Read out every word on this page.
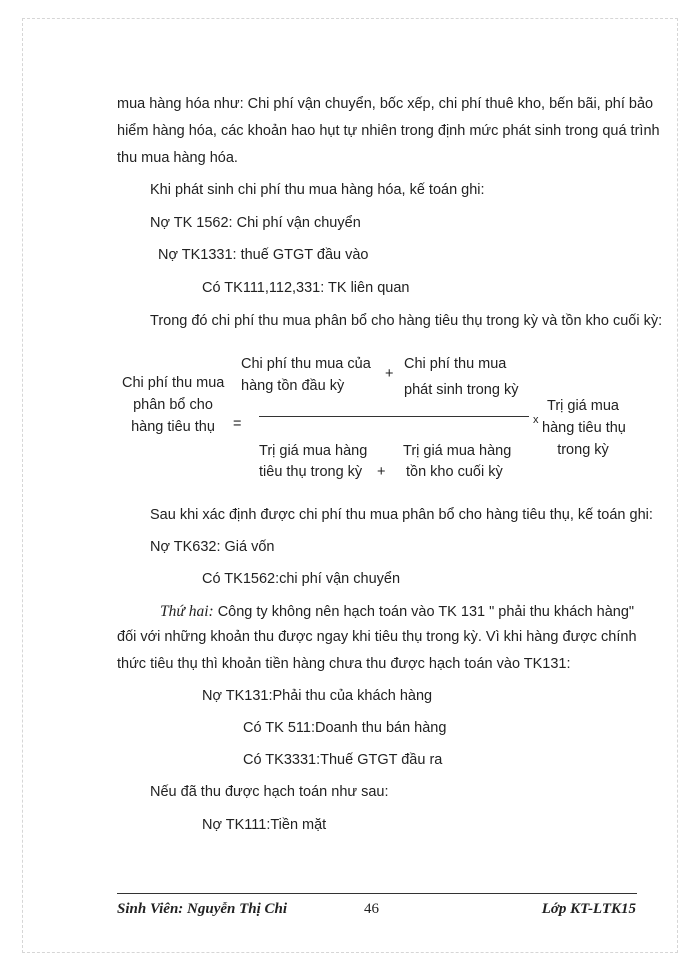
mua hàng hóa như: Chi phí vận chuyển, bốc xếp, chi phí thuê kho, bến bãi, phí bảo
hiểm hàng hóa, các khoản hao hụt tự nhiên trong định mức phát sinh trong quá trình
thu mua hàng hóa.
Khi phát sinh chi phí thu mua hàng hóa, kế toán ghi:
Nợ TK 1562: Chi phí vận chuyển
Nợ TK1331: thuế GTGT đầu vào
Có TK111,112,331: TK liên quan
Trong đó chi phí thu mua phân bổ cho hàng tiêu thụ trong kỳ và tồn kho cuối kỳ:
Chi phí thu mua
phân bổ cho
hàng tiêu thụ	=
Chi phí thu mua của
hàng tồn đầu kỳ
+
Chi phí thu mua
phát sinh trong kỳ
Trị giá mua hàng
tiêu thụ trong kỳ +
Trị giá mua hàng
tồn kho cuối kỳ
x
Trị giá mua
hàng tiêu thụ
trong kỳ
Sau khi xác định được chi phí thu mua phân bổ cho hàng tiêu thụ, kế toán ghi:
Nợ TK632: Giá vốn
Có TK1562:chi phí vận chuyển
Thứ hai: Công ty không nên hạch toán vào TK 131 " phải thu khách hàng"
đối với những khoản thu được ngay khi tiêu thụ trong kỳ. Vì khi hàng được chính
thức tiêu thụ thì khoản tiền hàng chưa thu được hạch toán vào TK131:
Nợ TK131:Phải thu của khách hàng
Có TK 511:Doanh thu bán hàng
Có TK3331:Thuế GTGT đầu ra
Nếu đã thu được hạch toán như sau:
Nợ TK111:Tiền mặt
Sinh Viên: Nguyễn Thị Chi	46	Lớp KT-LTK15
